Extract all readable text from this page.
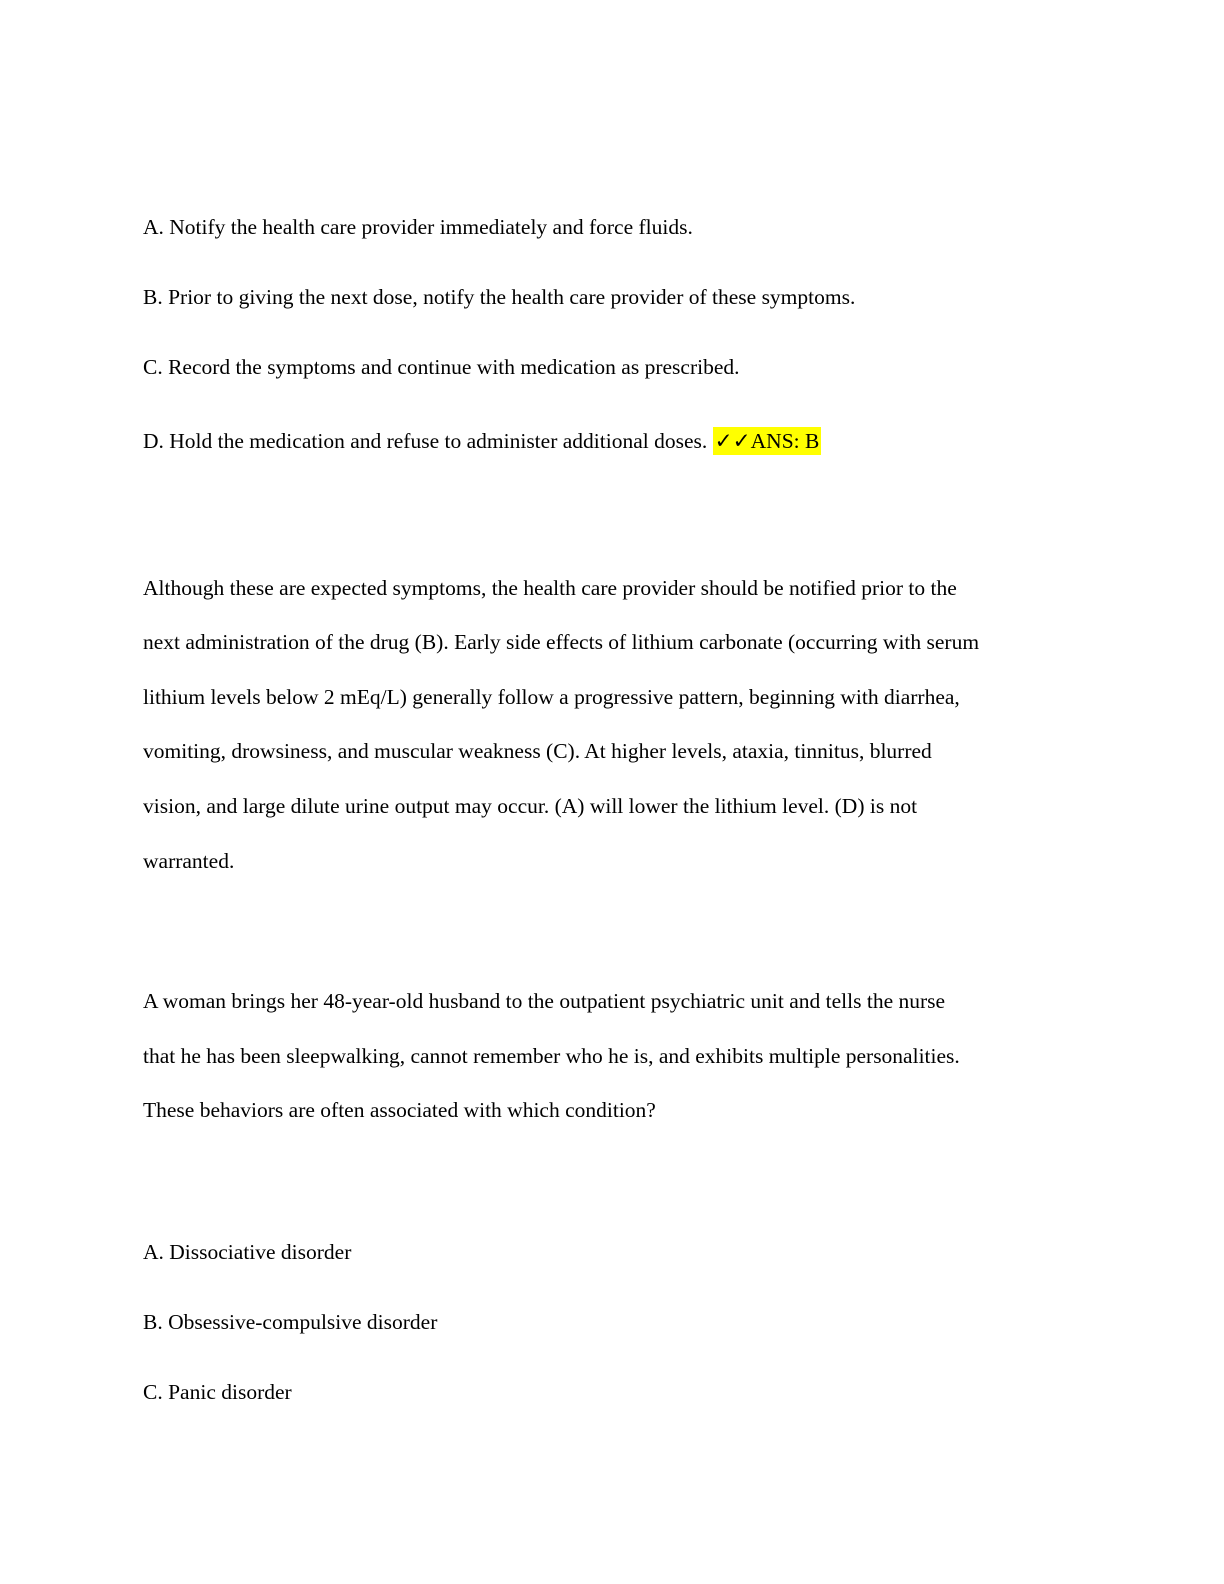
A. Notify the health care provider immediately and force fluids.
B. Prior to giving the next dose, notify the health care provider of these symptoms.
C. Record the symptoms and continue with medication as prescribed.
D. Hold the medication and refuse to administer additional doses. ✓✓ANS: B
Although these are expected symptoms, the health care provider should be notified prior to the
next administration of the drug (B). Early side effects of lithium carbonate (occurring with serum
lithium levels below 2 mEq/L) generally follow a progressive pattern, beginning with diarrhea,
vomiting, drowsiness, and muscular weakness (C). At higher levels, ataxia, tinnitus, blurred
vision, and large dilute urine output may occur. (A) will lower the lithium level. (D) is not
warranted.
A woman brings her 48-year-old husband to the outpatient psychiatric unit and tells the nurse
that he has been sleepwalking, cannot remember who he is, and exhibits multiple personalities.
These behaviors are often associated with which condition?
A. Dissociative disorder
B. Obsessive-compulsive disorder
C. Panic disorder
